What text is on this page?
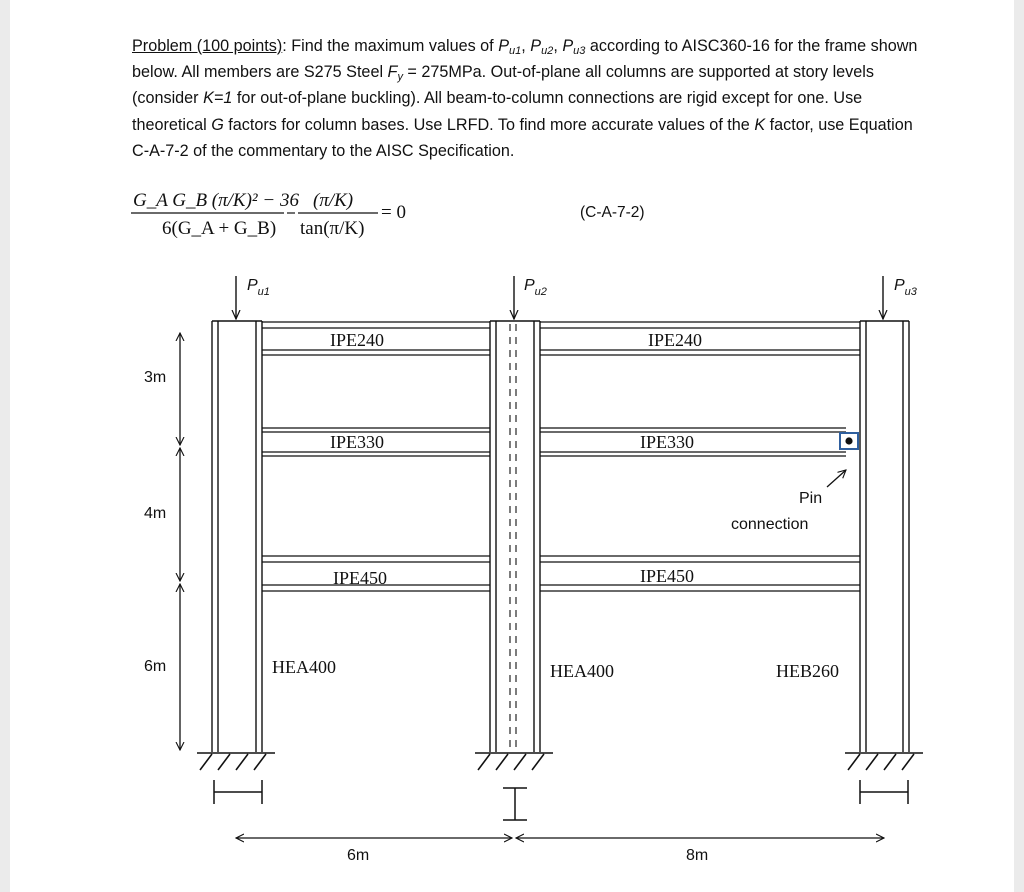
Problem (100 points): Find the maximum values of $P_{u1}$, $P_{u2}$, $P_{u3}$ according to AISC360-16 for the frame shown below. All members are S275 Steel $F_y = 275MPa$. Out-of-plane all columns are supported at story levels (consider K=1 for out-of-plane buckling). All beam-to-column connections are rigid except for one. Use theoretical G factors for column bases. Use LRFD. To find more accurate values of the K factor, use Equation C-A-7-2 of the commentary to the AISC Specification.
(C-A-7-2)
G_A G_B (π/K)² − 36
6(G_A + G_B)
(π/K)
tan(π/K)
= 0
$P_{u1}$	$P_{u2}$	$P_{u3}$
IPE240	IPE240
IPE330	IPE330
IPE450	IPE450
HEA400	HEA400	HEB260
Pin
connection
3m
4m
6m
6m	8m
